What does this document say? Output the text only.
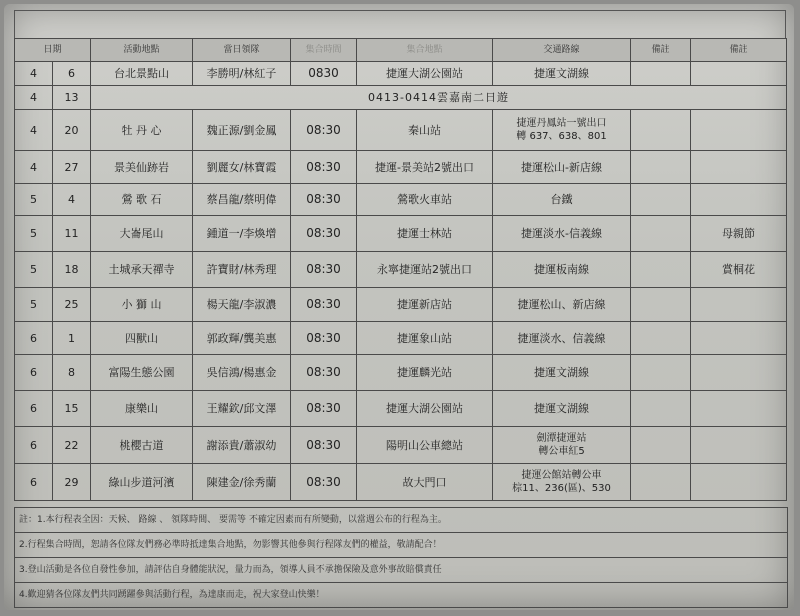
日期		活動地點	當日領隊	集合時間	集合地點	交通路線	備註	備註
4	6	台北景點山	李勝明/林紅子	0830	捷運大湖公園站	捷運文湖線		
4	13	0413-0414雲嘉南二日遊						
4	20	牡 丹 心	魏正源/劉金鳳	08:30	秦山站	捷運丹鳳站一號出口
轉 637、638、801		
4	27	景美仙跡岩	劉麗女/林寶霞	08:30	捷運-景美站2號出口	捷運松山-新店線		
5	4	鶯 歌 石	蔡昌龍/蔡明偉	08:30	鶯歌火車站	台鐵		
5	11	大崙尾山	鍾道一/李煥增	08:30	捷運士林站	捷運淡水-信義線		母親節
5	18	土城承天禪寺	許寶財/林秀理	08:30	永寧捷運站2號出口	捷運板南線		賞桐花
5	25	小 獅 山	楊天龍/李淑濃	08:30	捷運新店站	捷運松山、新店線		
6	1	四獸山	郭政輝/龔美惠	08:30	捷運象山站	捷運淡水、信義線		
6	8	富陽生態公園	吳信鴻/楊惠金	08:30	捷運麟光站	捷運文湖線		
6	15	康樂山	王耀欽/邱文澤	08:30	捷運大湖公園站	捷運文湖線		
6	22	桃櫻古道	謝添貴/蕭淑幼	08:30	陽明山公車總站	劍潭捷運站
轉公車紅5		
6	29	綠山步道河濱	陳建金/徐秀蘭	08:30	故大門口	捷運公館站轉公車
棕11、236(區)、530		
註：1.本行程表全因：天候、 路線 、 領隊時間、 要需等 不確定因素而有所變動，以當週公布的行程為主。
2.行程集合時間，恕請各位隊友們務必準時抵達集合地點，勿影響其他參與行程隊友們的權益，敬請配合！
3.登山活動是各位自發性參加，請評估自身體能狀況，量力而為，領導人員不承擔保險及意外事故賠償責任
4.歡迎猜各位隊友們共同踴躍參與活動行程，為達康而走，祝大家登山快樂！
